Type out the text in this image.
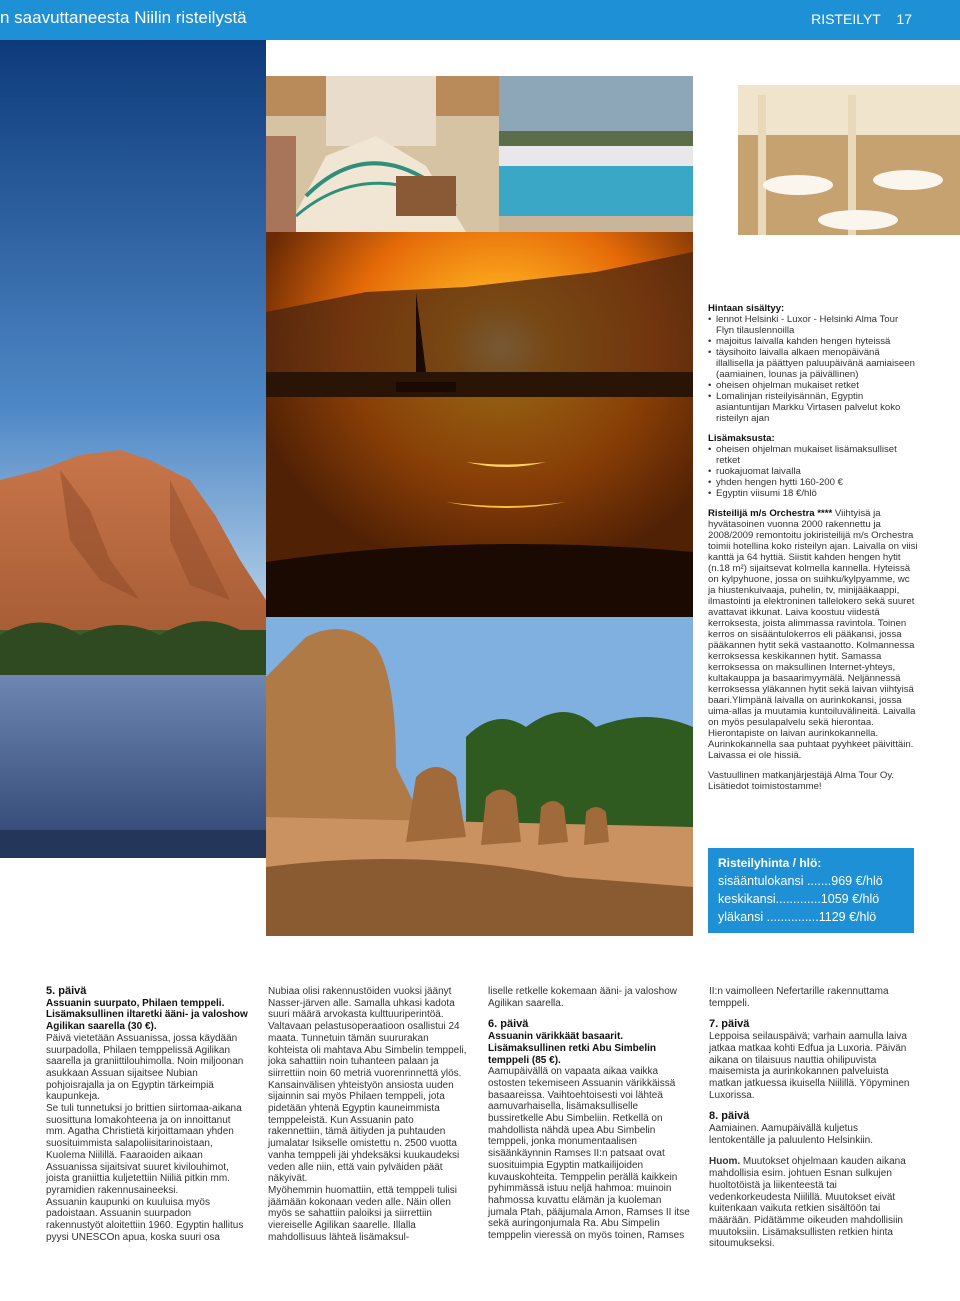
n saavuttaneesta Niilin risteilystä	RISTEILYT 17
Hintaan sisältyy:
• lennot Helsinki - Luxor - Helsinki Alma Tour Flyn tilauslennoilla
• majoitus laivalla kahden hengen hyteissä
• täysihoito laivalla alkaen menopäivänä illallisella ja päättyen paluupäivänä aamiaiseen (aamiainen, lounas ja päivällinen)
• oheisen ohjelman mukaiset retket
• Lomalinjan risteilyisännän, Egyptin asiantuntijan Markku Virtasen palvelut koko risteilyn ajan
Lisämaksusta:
• oheisen ohjelman mukaiset lisämaksulliset retket
• ruokajuomat laivalla
• yhden hengen hytti 160-200 €
• Egyptin viisumi 18 €/hlö
Risteilijä m/s Orchestra **** Viihtyisä ja hyvätasoinen vuonna 2000 rakennettu ja 2008/2009 remontoitu jokiristeilijä m/s Orchestra toimii hotellina koko risteilyn ajan. Laivalla on viisi kanttä ja 64 hyttiä. Siistit kahden hengen hytit (n.18 m²) sijaitsevat kolmella kannella. Hyteissä on kylpyhuone, jossa on suihku/kylpyamme, wc ja hiustenkuivaaja, puhelin, tv, minijääkaappi, ilmastointi ja elektroninen tallelokero sekä suuret avattavat ikkunat. Laiva koostuu viidestä kerroksesta, joista alimmassa ravintola. Toinen kerros on sisääntulokerros eli pääkansi, jossa pääkannen hytit sekä vastaanotto. Kolmannessa kerroksessa keskikannen hytit. Samassa kerroksessa on maksullinen Internet-yhteys, kultakauppa ja basaarimyymälä. Neljännessä kerroksessa yläkannen hytit sekä laivan viihtyisä baari.Ylimpänä laivalla on aurinkokansi, jossa uima-allas ja muutamia kuntoiluvälineitä. Laivalla on myös pesulapalvelu sekä hierontaa. Hierontapiste on laivan aurinkokannella. Aurinkokannella saa puhtaat pyyhkeet päivittäin. Laivassa ei ole hissiä.
Vastuullinen matkanjärjestäjä Alma Tour Oy. Lisätiedot toimistostamme!
Risteilyhinta / hlö:
sisääntulokansi .......969 €/hlö
keskikansi.............1059 €/hlö
yläkansi ...............1129 €/hlö

5. päivä

Assuanin suurpato, Philaen temppeli. Lisämaksullinen iltaretki ääni- ja valoshow Agilikan saarella (30 €).

Päivä vietetään Assuanissa, jossa käydään suurpadolla, Philaen temppelissä Agilikan saarella ja graniittilouhimolla. Noin miljoonan asukkaan Assuan sijaitsee Nubian pohjoisrajalla ja on Egyptin tärkeimpiä kaupunkeja.

Se tuli tunnetuksi jo brittien siirtomaa-aikana suosittuna lomakohteena ja on innoittanut mm. Agatha Christietä kirjoittamaan yhden suosituimmista salapoliisitarinoistaan, Kuolema Niilillä. Faaraoiden aikaan Assuanissa sijaitsivat suuret kivilouhimot, joista graniittia kuljetettiin Niiliä pitkin mm. pyramidien rakennusaineeksi.

Assuanin kaupunki on kuuluisa myös padoistaan. Assuanin suurpadon rakennustyöt aloitettiin 1960. Egyptin hallitus pyysi UNESCOn apua, koska suuri osa

Nubiaa olisi rakennustöiden vuoksi jäänyt Nasser-järven alle. Samalla uhkasi kadota suuri määrä arvokasta kulttuuriperintöä. Valtavaan pelastusoperaatioon osallistui 24 maata. Tunnetuin tämän suururakan kohteista oli mahtava Abu Simbelin temppeli, joka sahattiin noin tuhanteen palaan ja siirrettiin noin 60 metriä vuorenrinnettä ylös.

Kansainvälisen yhteistyön ansiosta uuden sijainnin sai myös Philaen temppeli, jota pidetään yhtenä Egyptin kauneimmista temppeleistä. Kun Assuanin pato rakennettiin, tämä äitiyden ja puhtauden jumalatar Isikselle omistettu n. 2500 vuotta vanha temppeli jäi yhdeksäksi kuukaudeksi veden alle niin, että vain pylväiden päät näkyivät.

Myöhemmin huomattiin, että temppeli tulisi jäämään kokonaan veden alle. Näin ollen myös se sahattiin paloiksi ja siirrettiin viereiselle Agilikan saarelle. Illalla mahdollisuus lähteä lisämaksul-

liselle retkelle kokemaan ääni- ja valoshow Agilikan saarella.

6. päivä

Assuanin värikkäät basaarit. Lisämaksullinen retki Abu Simbelin temppeli (85 €).

Aamupäivällä on vapaata aikaa vaikka ostosten tekemiseen Assuanin värikkäissä basaareissa. Vaihtoehtoisesti voi lähteä aamuvarhaisella, lisämaksulliselle bussiretkelle Abu Simbeliin. Retkellä on mahdollista nähdä upea Abu Simbelin temppeli, jonka monumentaalisen sisäänkäynnin Ramses II:n patsaat ovat suosituimpia Egyptin matkailijoiden kuvauskohteita. Temppelin perällä kaikkein pyhimmässä istuu neljä hahmoa: muinoin hahmossa kuvattu elämän ja kuoleman jumala Ptah, pääjumala Amon, Ramses II itse sekä auringonjumala Ra. Abu Simpelin temppelin vieressä on myös toinen, Ramses

II:n vaimolleen Nefertarille rakennuttama temppeli.

7. päivä

Leppoisa seilauspäivä; varhain aamulla laiva jatkaa matkaa kohti Edfua ja Luxoria. Päivän aikana on tilaisuus nauttia ohilipuvista maisemista ja aurinkokannen palveluista matkan jatkuessa ikuisella Niilillä. Yöpyminen Luxorissa.

8. päivä

Aamiainen. Aamupäivällä kuljetus lentokentälle ja paluulento Helsinkiin.

Huom. Muutokset ohjelmaan kauden aikana mahdollisia esim. johtuen Esnan sulkujen huoltotöistä ja liikenteestä tai vedenkorkeudesta Niilillä. Muutokset eivät kuitenkaan vaikuta retkien sisältöön tai määrään. Pidätämme oikeuden mahdollisiin muutoksiin. Lisämaksullisten retkien hinta sitoumukseksi.
